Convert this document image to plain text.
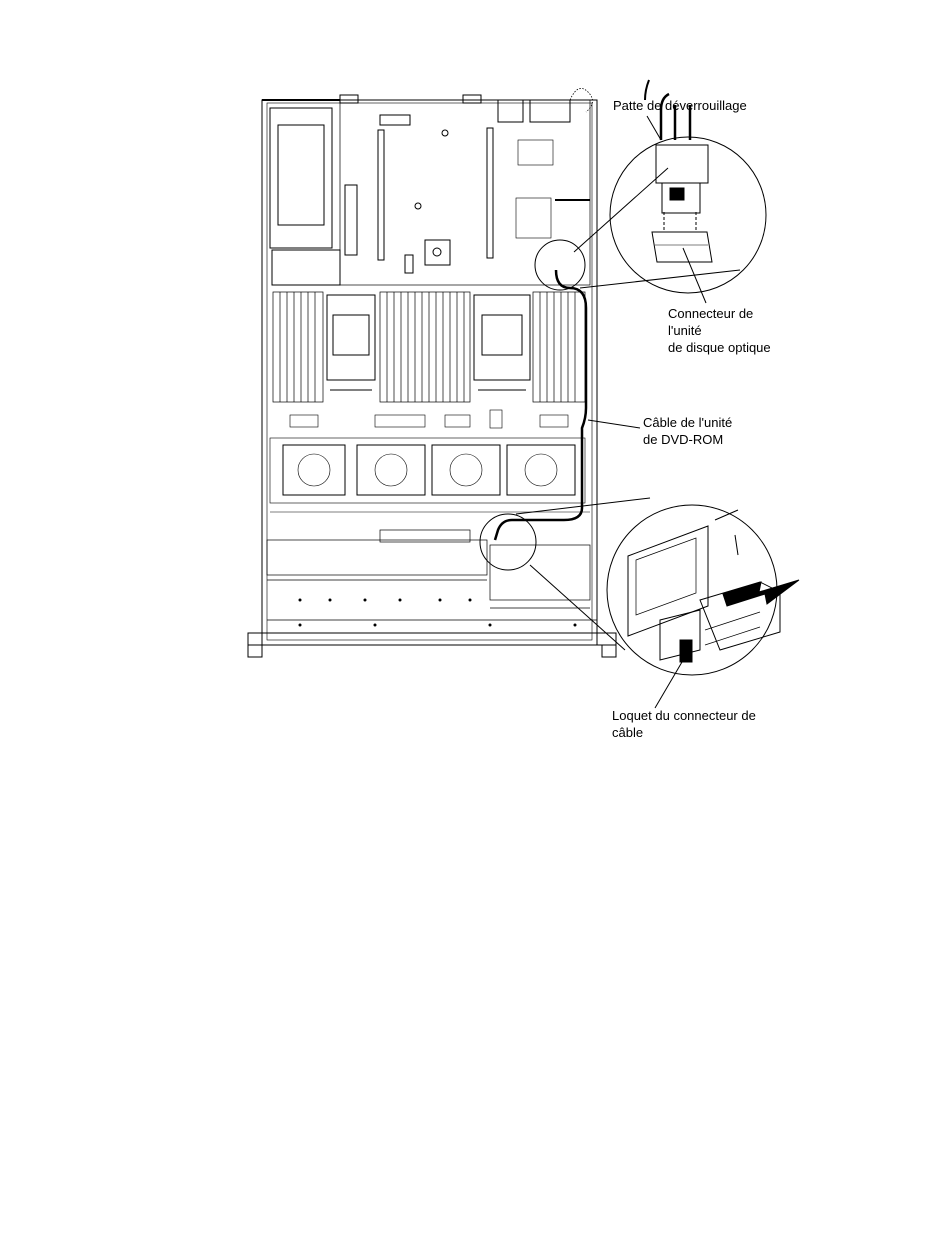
Patte de déverrouillage
Connecteur de
l'unité
de disque optique
Câble de l'unité
de DVD-ROM
Loquet du connecteur de
câble
